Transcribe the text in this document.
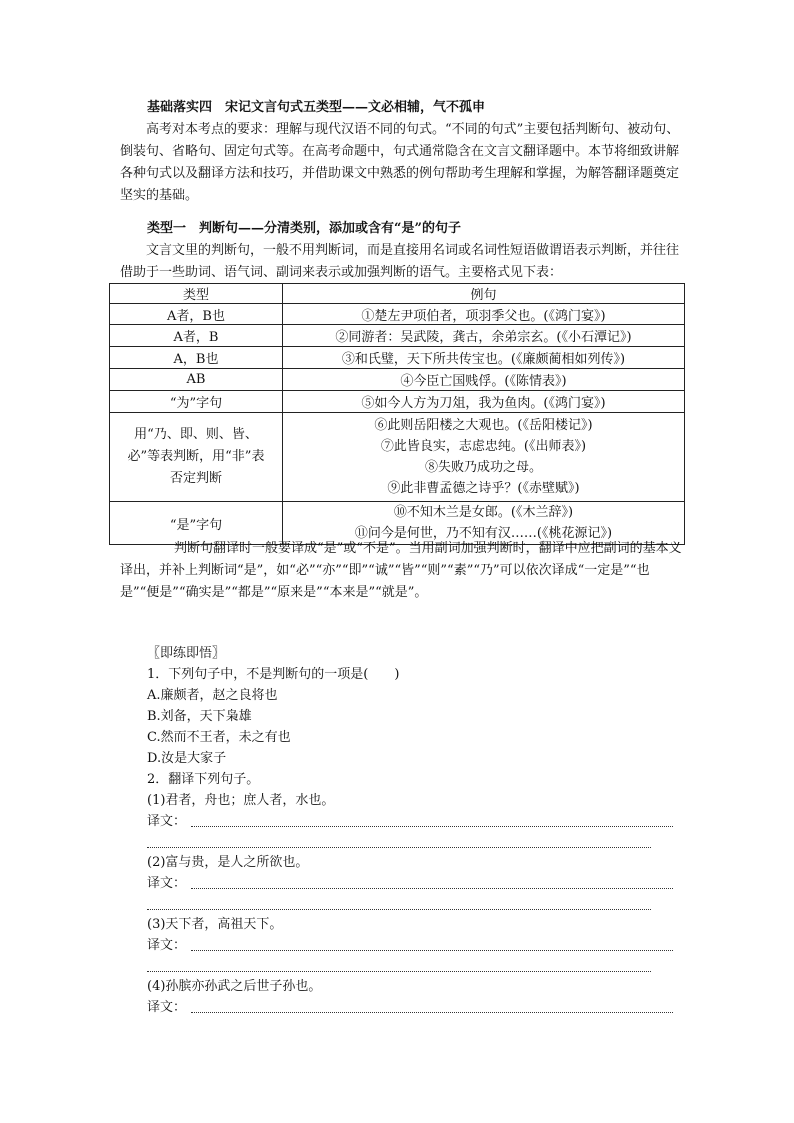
基础落实四　宋记文言句式五类型——文必相辅，气不孤申
高考对本考点的要求：理解与现代汉语不同的句式。“不同的句式”主要包括判断句、被动句、倒装句、省略句、固定句式等。在高考命题中，句式通常隐含在文言文翻译题中。本节将细致讲解各种句式以及翻译方法和技巧，并借助课文中熟悉的例句帮助考生理解和掌握，为解答翻译题奠定坚实的基础。
类型一　判断句——分清类别，添加或含有“是”的句子
文言文里的判断句，一般不用判断词，而是直接用名词或名词性短语做谓语表示判断，并往往借助于一些助词、语气词、副词来表示或加强判断的语气。主要格式见下表：
类型	例句
A者，B也	①楚左尹项伯者，项羽季父也。(《鸿门宴》)
A者，B	②同游者：吴武陵，龚古，余弟宗玄。(《小石潭记》)
A，B也	③和氏璧，天下所共传宝也。(《廉颇蔺相如列传》)
AB	④今臣亡国贱俘。(《陈情表》)
“为”字句	⑤如今人方为刀俎，我为鱼肉。(《鸿门宴》)
用“乃、即、则、皆、必”等表判断，用“非”表否定判断	⑥此则岳阳楼之大观也。(《岳阳楼记》)
⑦此皆良实，志虑忠纯。(《出师表》)
⑧失败乃成功之母。
⑨此非曹孟德之诗乎？(《赤壁赋》)

“是”字句	⑩不知木兰是女郎。(《木兰辞》)
⑪问今是何世，乃不知有汉……(《桃花源记》)
判断句翻译时一般要译成“是”或“不是”。当用副词加强判断时，翻译中应把副词的基本义译出，并补上判断词“是”，如“必”“亦”“即”“诚”“皆”“则”“素”“乃”可以依次译成“一定是”“也是”“便是”“确实是”“都是”“原来是”“本来是”“就是”。
〖即练即悟〗
1．下列句子中，不是判断句的一项是(　　)
A.廉颇者，赵之良将也
B.刘备，天下枭雄
C.然而不王者，未之有也
D.汝是大家子
2．翻译下列句子。
(1)君者，舟也；庶人者，水也。
译文：
(2)富与贵，是人之所欲也。
译文：
(3)天下者，高祖天下。
译文：
(4)孙膑亦孙武之后世子孙也。
译文：
